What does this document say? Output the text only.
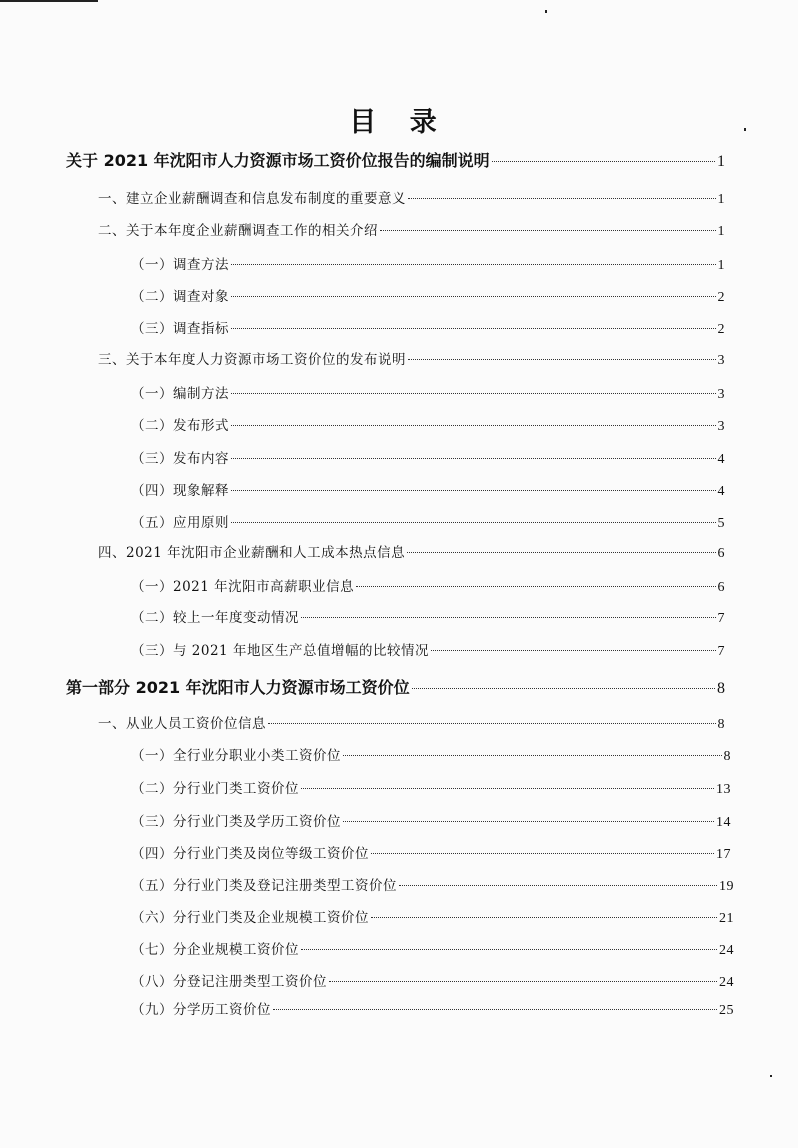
目 录
关于 2021 年沈阳市人力资源市场工资价位报告的编制说明	1
一、建立企业薪酬调查和信息发布制度的重要意义	1
二、关于本年度企业薪酬调查工作的相关介绍	1
（一）调查方法	1
（二）调查对象	2
（三）调查指标	2
三、关于本年度人力资源市场工资价位的发布说明	3
（一）编制方法	3
（二）发布形式	3
（三）发布内容	4
（四）现象解释	4
（五）应用原则	5
四、2021 年沈阳市企业薪酬和人工成本热点信息	6
（一）2021 年沈阳市高薪职业信息	6
（二）较上一年度变动情况	7
（三）与 2021 年地区生产总值增幅的比较情况	7
第一部分 2021 年沈阳市人力资源市场工资价位	8
一、从业人员工资价位信息	8
（一）全行业分职业小类工资价位	8
（二）分行业门类工资价位	13
（三）分行业门类及学历工资价位	14
（四）分行业门类及岗位等级工资价位	17
（五）分行业门类及登记注册类型工资价位	19
（六）分行业门类及企业规模工资价位	21
（七）分企业规模工资价位	24
（八）分登记注册类型工资价位	24
（九）分学历工资价位	25
